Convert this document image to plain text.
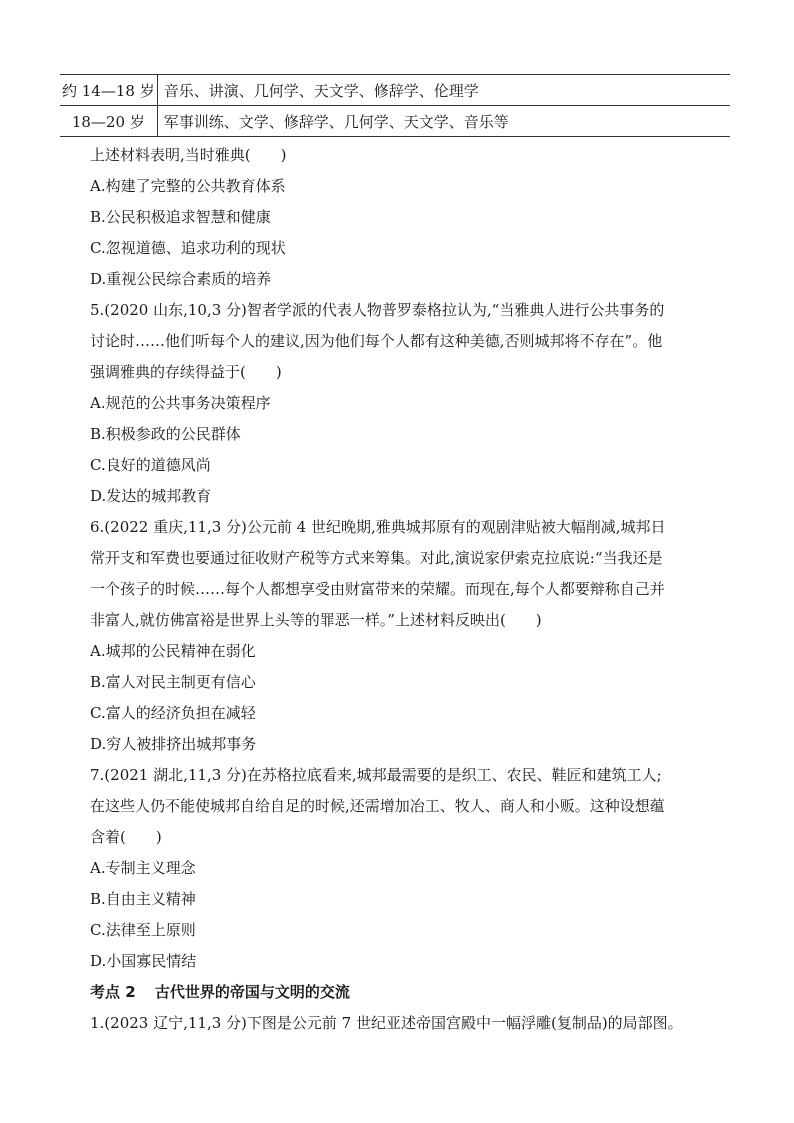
约 14—18 岁	音乐、讲演、几何学、天文学、修辞学、伦理学
18—20 岁	军事训练、文学、修辞学、几何学、天文学、音乐等
上述材料表明,当时雅典(　　)
A.构建了完整的公共教育体系
B.公民积极追求智慧和健康
C.忽视道德、追求功利的现状
D.重视公民综合素质的培养
5.(2020 山东,10,3 分)智者学派的代表人物普罗泰格拉认为,“当雅典人进行公共事务的
讨论时……他们听每个人的建议,因为他们每个人都有这种美德,否则城邦将不存在”。他
强调雅典的存续得益于(　　)
A.规范的公共事务决策程序
B.积极参政的公民群体
C.良好的道德风尚
D.发达的城邦教育
6.(2022 重庆,11,3 分)公元前 4 世纪晚期,雅典城邦原有的观剧津贴被大幅削减,城邦日
常开支和军费也要通过征收财产税等方式来筹集。对此,演说家伊索克拉底说:“当我还是
一个孩子的时候……每个人都想享受由财富带来的荣耀。而现在,每个人都要辩称自己并
非富人,就仿佛富裕是世界上头等的罪恶一样。”上述材料反映出(　　)
A.城邦的公民精神在弱化
B.富人对民主制更有信心
C.富人的经济负担在减轻
D.穷人被排挤出城邦事务
7.(2021 湖北,11,3 分)在苏格拉底看来,城邦最需要的是织工、农民、鞋匠和建筑工人;
在这些人仍不能使城邦自给自足的时候,还需增加冶工、牧人、商人和小贩。这种设想蕴
含着(　　)
A.专制主义理念
B.自由主义精神
C.法律至上原则
D.小国寡民情结
考点 2 古代世界的帝国与文明的交流
1.(2023 辽宁,11,3 分)下图是公元前 7 世纪亚述帝国宫殿中一幅浮雕(复制品)的局部图。
